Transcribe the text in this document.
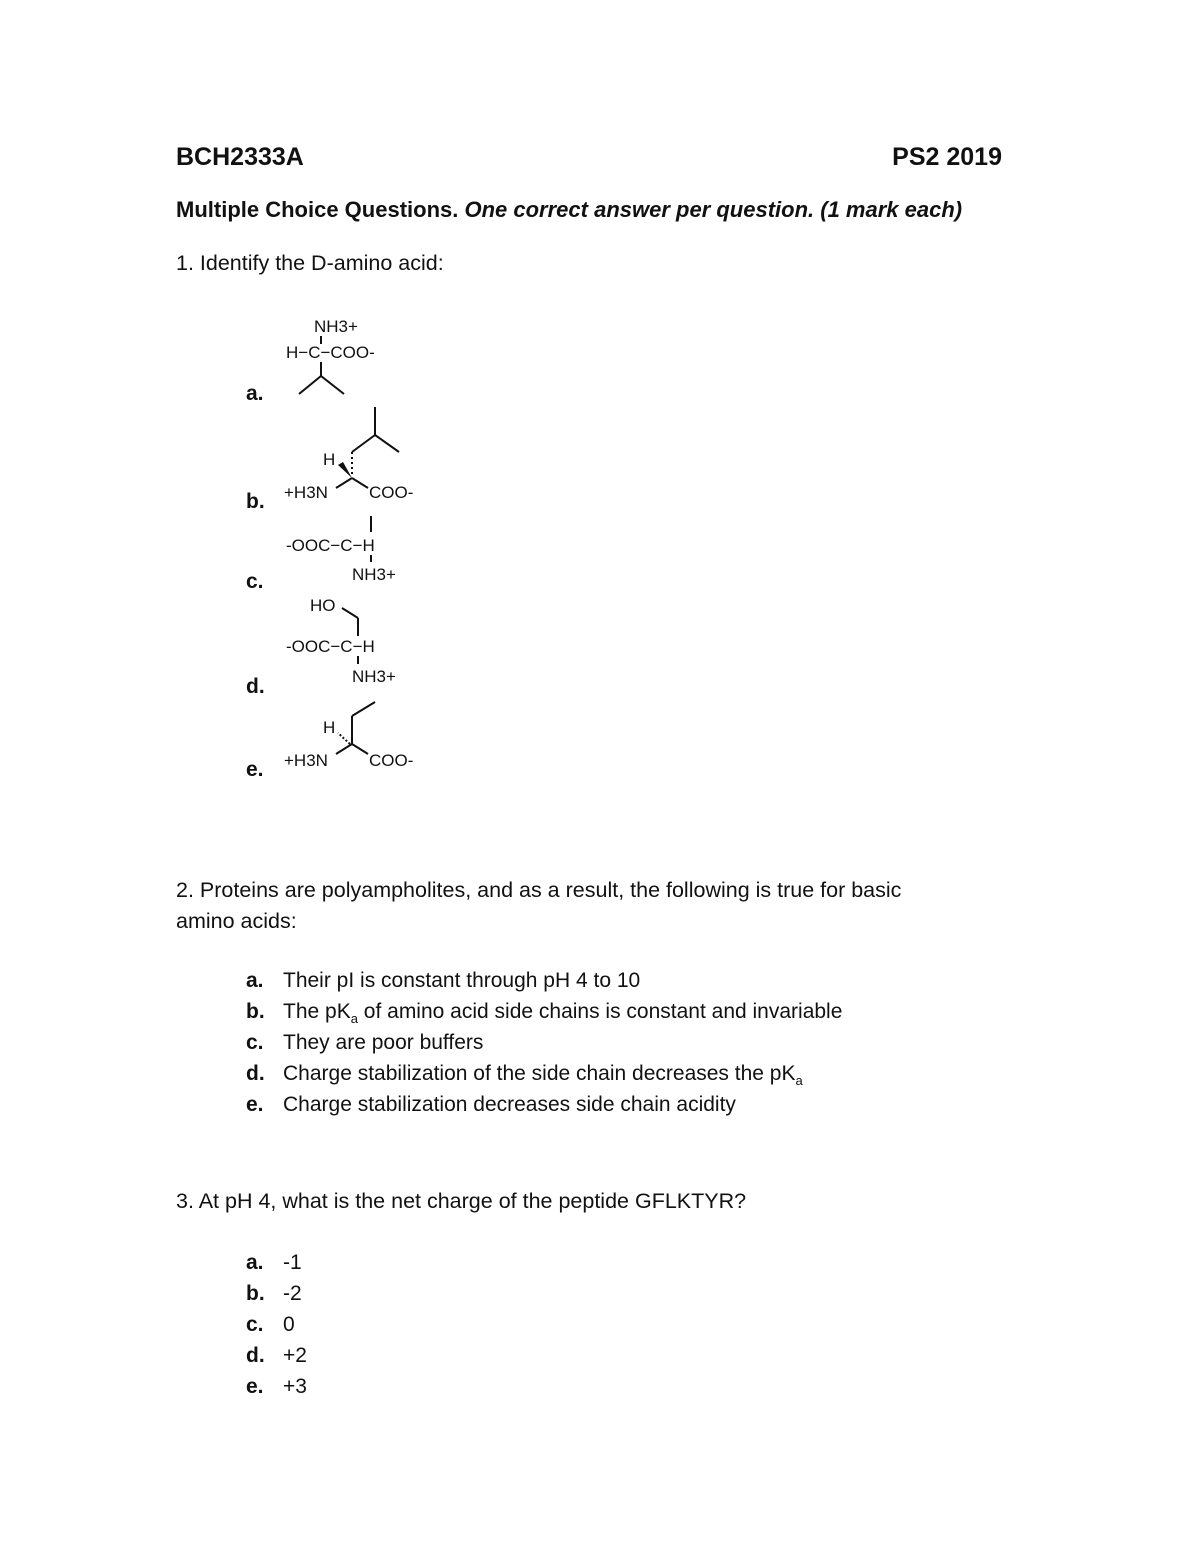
BCH2333A	PS2 2019
Multiple Choice Questions. One correct answer per question. (1 mark each)
1. Identify the D-amino acid:
a.
b.
c.
d.
e.
NH3+
H−C−COO-
H
+H3N COO-
-OOC−C−H
NH3+
HO
-OOC−C−H
NH3+
H
+H3N COO-
2. Proteins are polyampholites, and as a result, the following is true for basic
amino acids:
a. Their pI is constant through pH 4 to 10
b. The $pK_a$ of amino acid side chains is constant and invariable
c. They are poor buffers
d. Charge stabilization of the side chain decreases the $pK_a$
e. Charge stabilization decreases side chain acidity
3. At pH 4, what is the net charge of the peptide GFLKTYR?
a. -1
b. -2
c. 0
d. +2
e. +3
